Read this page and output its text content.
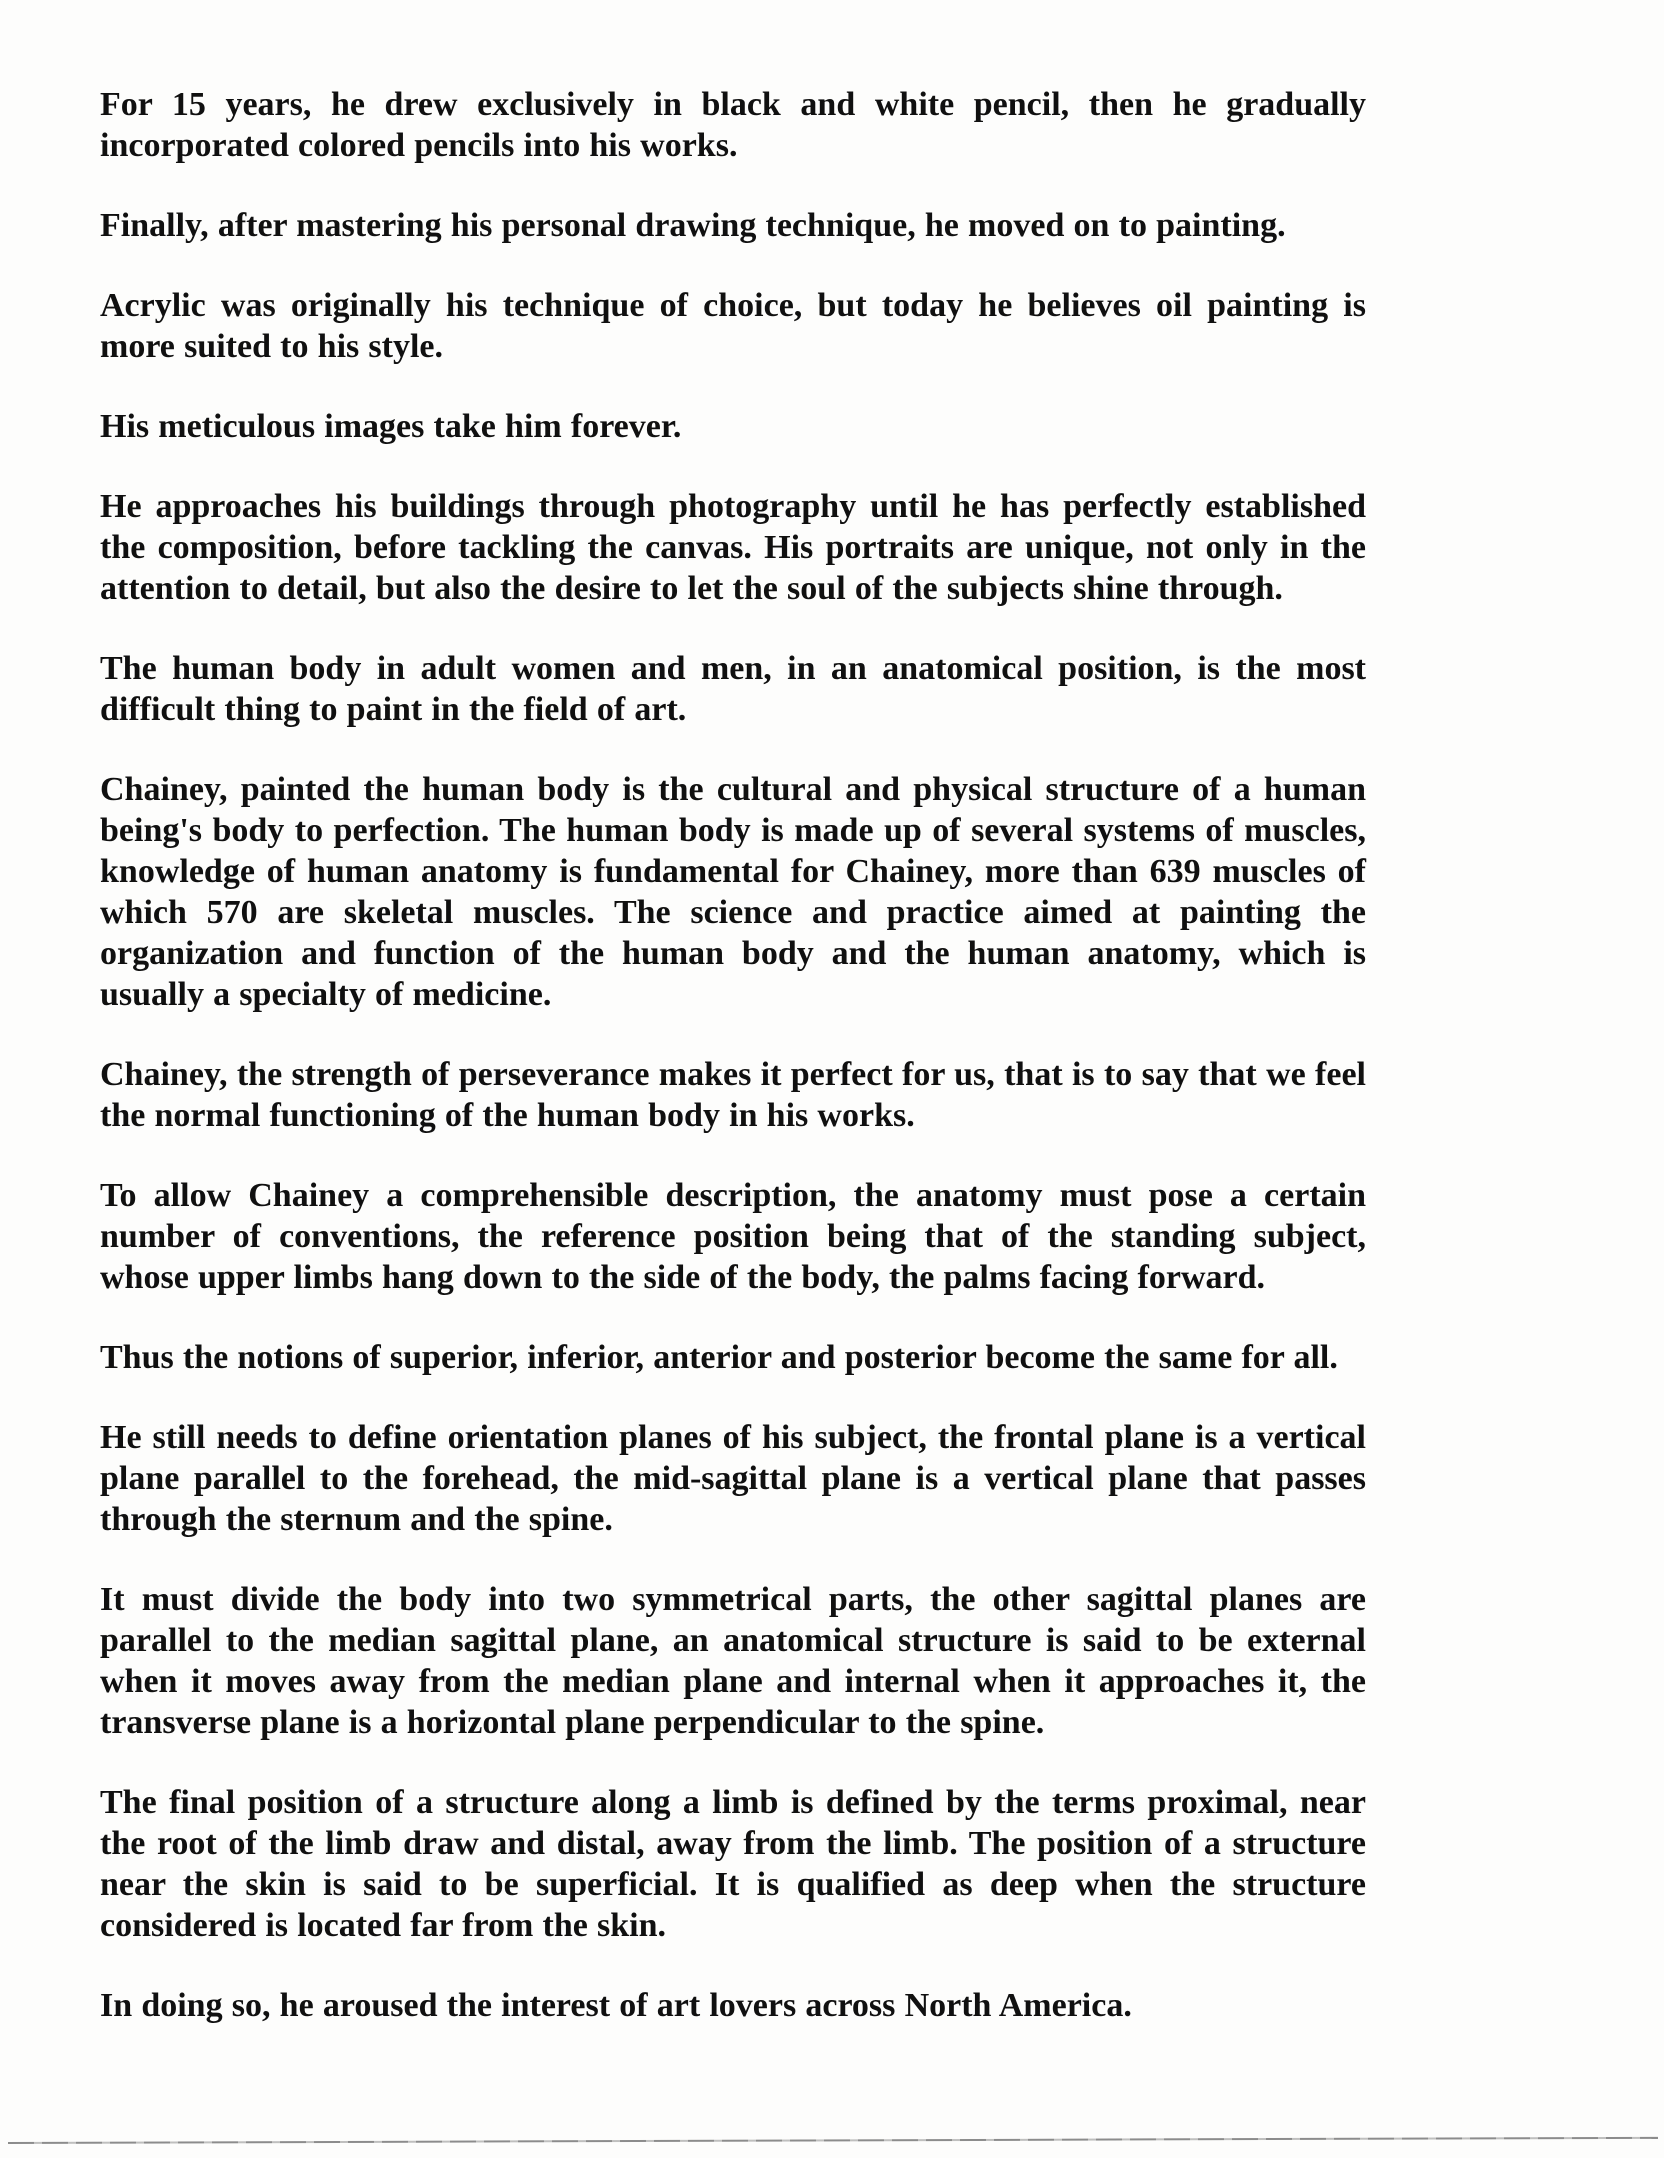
For 15 years, he drew exclusively in black and white pencil, then he gradually incorporated colored pencils into his works.

Finally, after mastering his personal drawing technique, he moved on to painting.

Acrylic was originally his technique of choice, but today he believes oil painting is more suited to his style.

His meticulous images take him forever.

He approaches his buildings through photography until he has perfectly established the composition, before tackling the canvas. His portraits are unique, not only in the attention to detail, but also the desire to let the soul of the subjects shine through.

The human body in adult women and men, in an anatomical position, is the most difficult thing to paint in the field of art.

Chainey, painted the human body is the cultural and physical structure of a human being's body to perfection. The human body is made up of several systems of muscles, knowledge of human anatomy is fundamental for Chainey, more than 639 muscles of which 570 are skeletal muscles. The science and practice aimed at painting the organization and function of the human body and the human anatomy, which is usually a specialty of medicine.

Chainey, the strength of perseverance makes it perfect for us, that is to say that we feel the normal functioning of the human body in his works.

To allow Chainey a comprehensible description, the anatomy must pose a certain number of conventions, the reference position being that of the standing subject, whose upper limbs hang down to the side of the body, the palms facing forward.

Thus the notions of superior, inferior, anterior and posterior become the same for all.

He still needs to define orientation planes of his subject, the frontal plane is a vertical plane parallel to the forehead, the mid-sagittal plane is a vertical plane that passes through the sternum and the spine.

It must divide the body into two symmetrical parts, the other sagittal planes are parallel to the median sagittal plane, an anatomical structure is said to be external when it moves away from the median plane and internal when it approaches it, the transverse plane is a horizontal plane perpendicular to the spine.

The final position of a structure along a limb is defined by the terms proximal, near the root of the limb draw and distal, away from the limb. The position of a structure near the skin is said to be superficial. It is qualified as deep when the structure considered is located far from the skin.

In doing so, he aroused the interest of art lovers across North America.
